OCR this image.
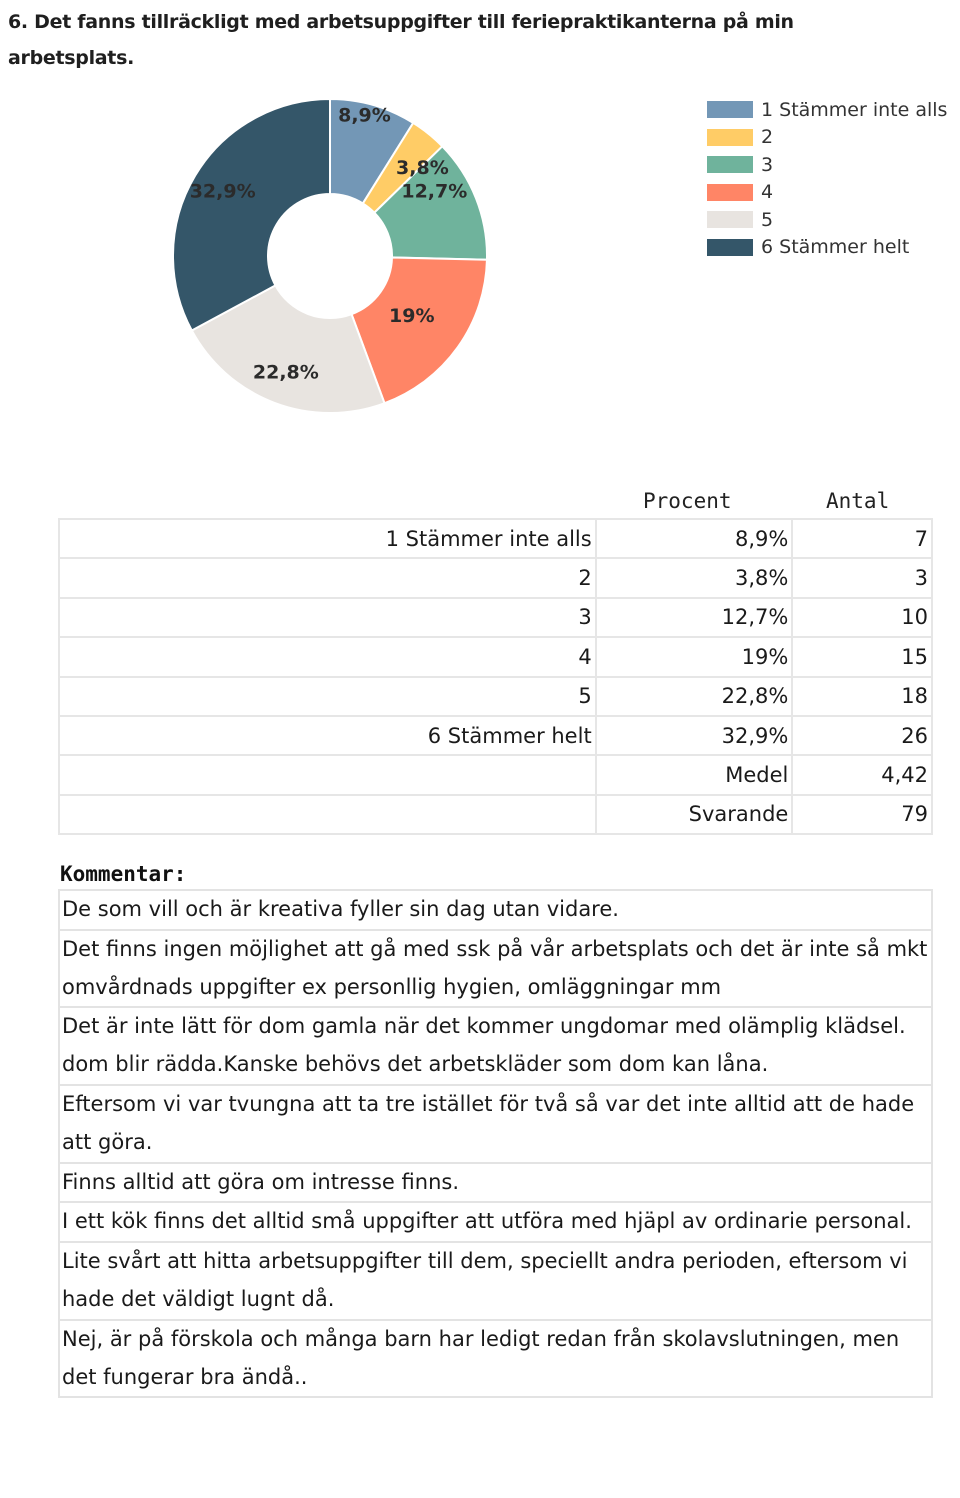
6. Det fanns tillräckligt med arbetsuppgifter till feriepraktikanterna på min arbetsplats.
8,9%
3,8%
12,7%
19%
22,8%
32,9%
1 Stämmer inte alls
2
3
4
5
6 Stämmer helt
Procent	Antal
1 Stämmer inte alls	8,9%	7
2	3,8%	3
3	12,7%	10
4	19%	15
5	22,8%	18
6 Stämmer helt	32,9%	26
	Medel	4,42
	Svarande	79
Kommentar:
De som vill och är kreativa fyller sin dag utan vidare.
Det finns ingen möjlighet att gå med ssk på vår arbetsplats och det är inte så mkt omvårdnads uppgifter ex personllig hygien, omläggningar mm
Det är inte lätt för dom gamla när det kommer ungdomar med olämplig klädsel. dom blir rädda.Kanske behövs det arbetskläder som dom kan låna.
Eftersom vi var tvungna att ta tre istället för två så var det inte alltid att de hade att göra.
Finns alltid att göra om intresse finns.
I ett kök finns det alltid små uppgifter att utföra med hjäpl av ordinarie personal.
Lite svårt att hitta arbetsuppgifter till dem, speciellt andra perioden, eftersom vi hade det väldigt lugnt då.
Nej, är på förskola och många barn har ledigt redan från skolavslutningen, men det fungerar bra ändå..
